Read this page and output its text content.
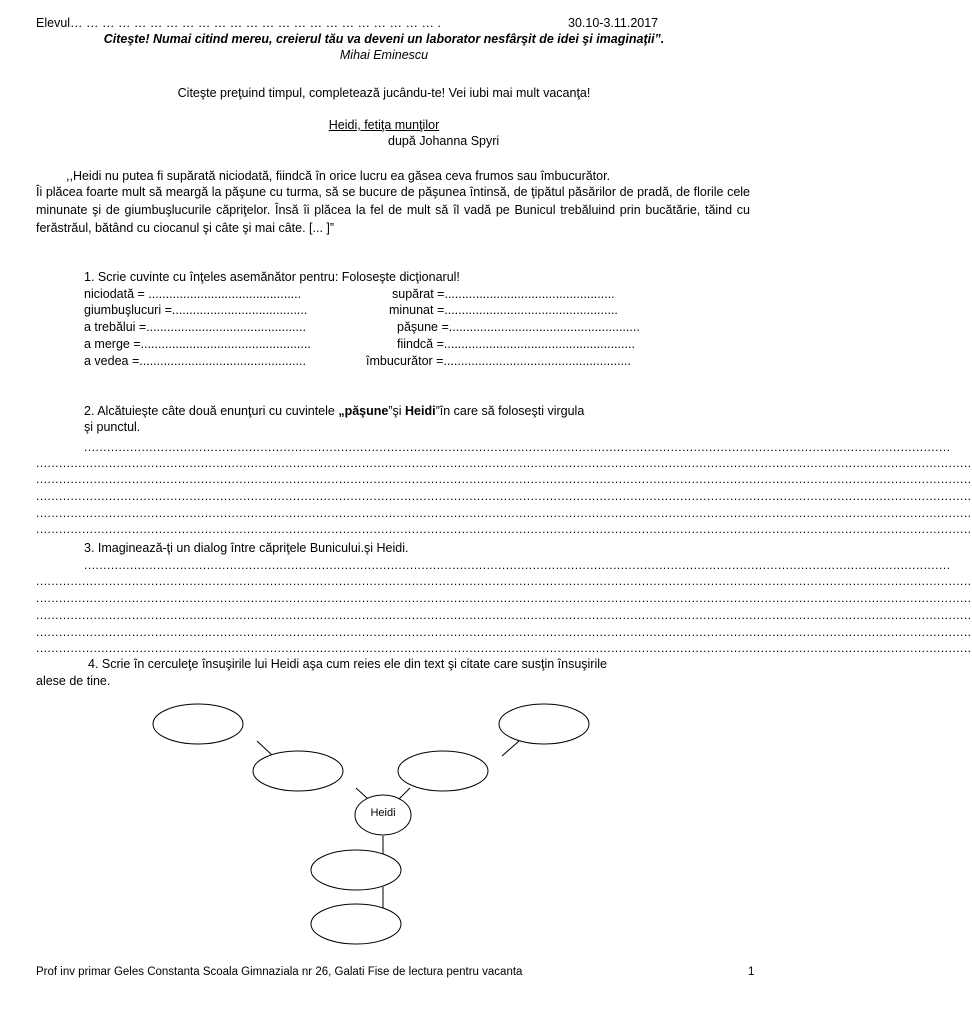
Elevul… … … … … … … … … … … … … … … … … … … … … … … .	30.10-3.11.2017
Citeşte! Numai citind mereu, creierul tău va deveni un laborator nesfârşit de idei şi imaginaţii”.
Mihai Eminescu
Citeşte preţuind timpul, completează jucându-te! Vei iubi mai mult vacanţa!
Heidi, fetiţa munţilor
după Johanna Spyri
,,Heidi nu putea fi supărată niciodată, fiindcă în orice lucru ea găsea ceva frumos sau îmbucurător.
Îi plăcea foarte mult să meargă la păşune cu turma, să se bucure de păşunea întinsă, de ţipătul păsărilor de pradă, de florile cele minunate şi de giumbuşlucurile căpriţelor. Însă îi plăcea la fel de mult să îl vadă pe Bunicul trebăluind prin bucătărie, tăind cu ferăstrăul, bătând cu ciocanul şi câte şi mai câte. [... ]”
1. Scrie cuvinte cu înţeles asemănător pentru: Foloseşte dicţionarul!
niciodată = ............................................
giumbuşlucuri =.......................................
a trebălui =..............................................
a merge =.................................................
a vedea =................................................
supărat =.................................................
minunat =..................................................
păşune =.......................................................
fiindcă =.......................................................
îmbucurător =......................................................
2. Alcătuieşte câte două enunţuri cu cuvintele „păşune”şi Heidi”în care să foloseşti virgula
şi punctul.
..................................................................................................................................................................................................................................
....................................................................................................................................................................................................................................................
....................................................................................................................................................................................................................................................
....................................................................................................................................................................................................................................................
....................................................................................................................................................................................................................................................
....................................................................................................................................................................................................................................................
3. Imaginează-ţi un dialog între căpriţele Bunicului.şi Heidi.
..................................................................................................................................................................................................................................
....................................................................................................................................................................................................................................................
....................................................................................................................................................................................................................................................
....................................................................................................................................................................................................................................................
....................................................................................................................................................................................................................................................
....................................................................................................................................................................................................................................................
4. Scrie în cerculeţe însuşirile lui Heidi aşa cum reies ele din text şi citate care susţin însuşirile
alese de tine.
Heidi
Prof inv primar Geles Constanta Scoala Gimnaziala nr 26, Galati Fise de lectura pentru vacanta	1
